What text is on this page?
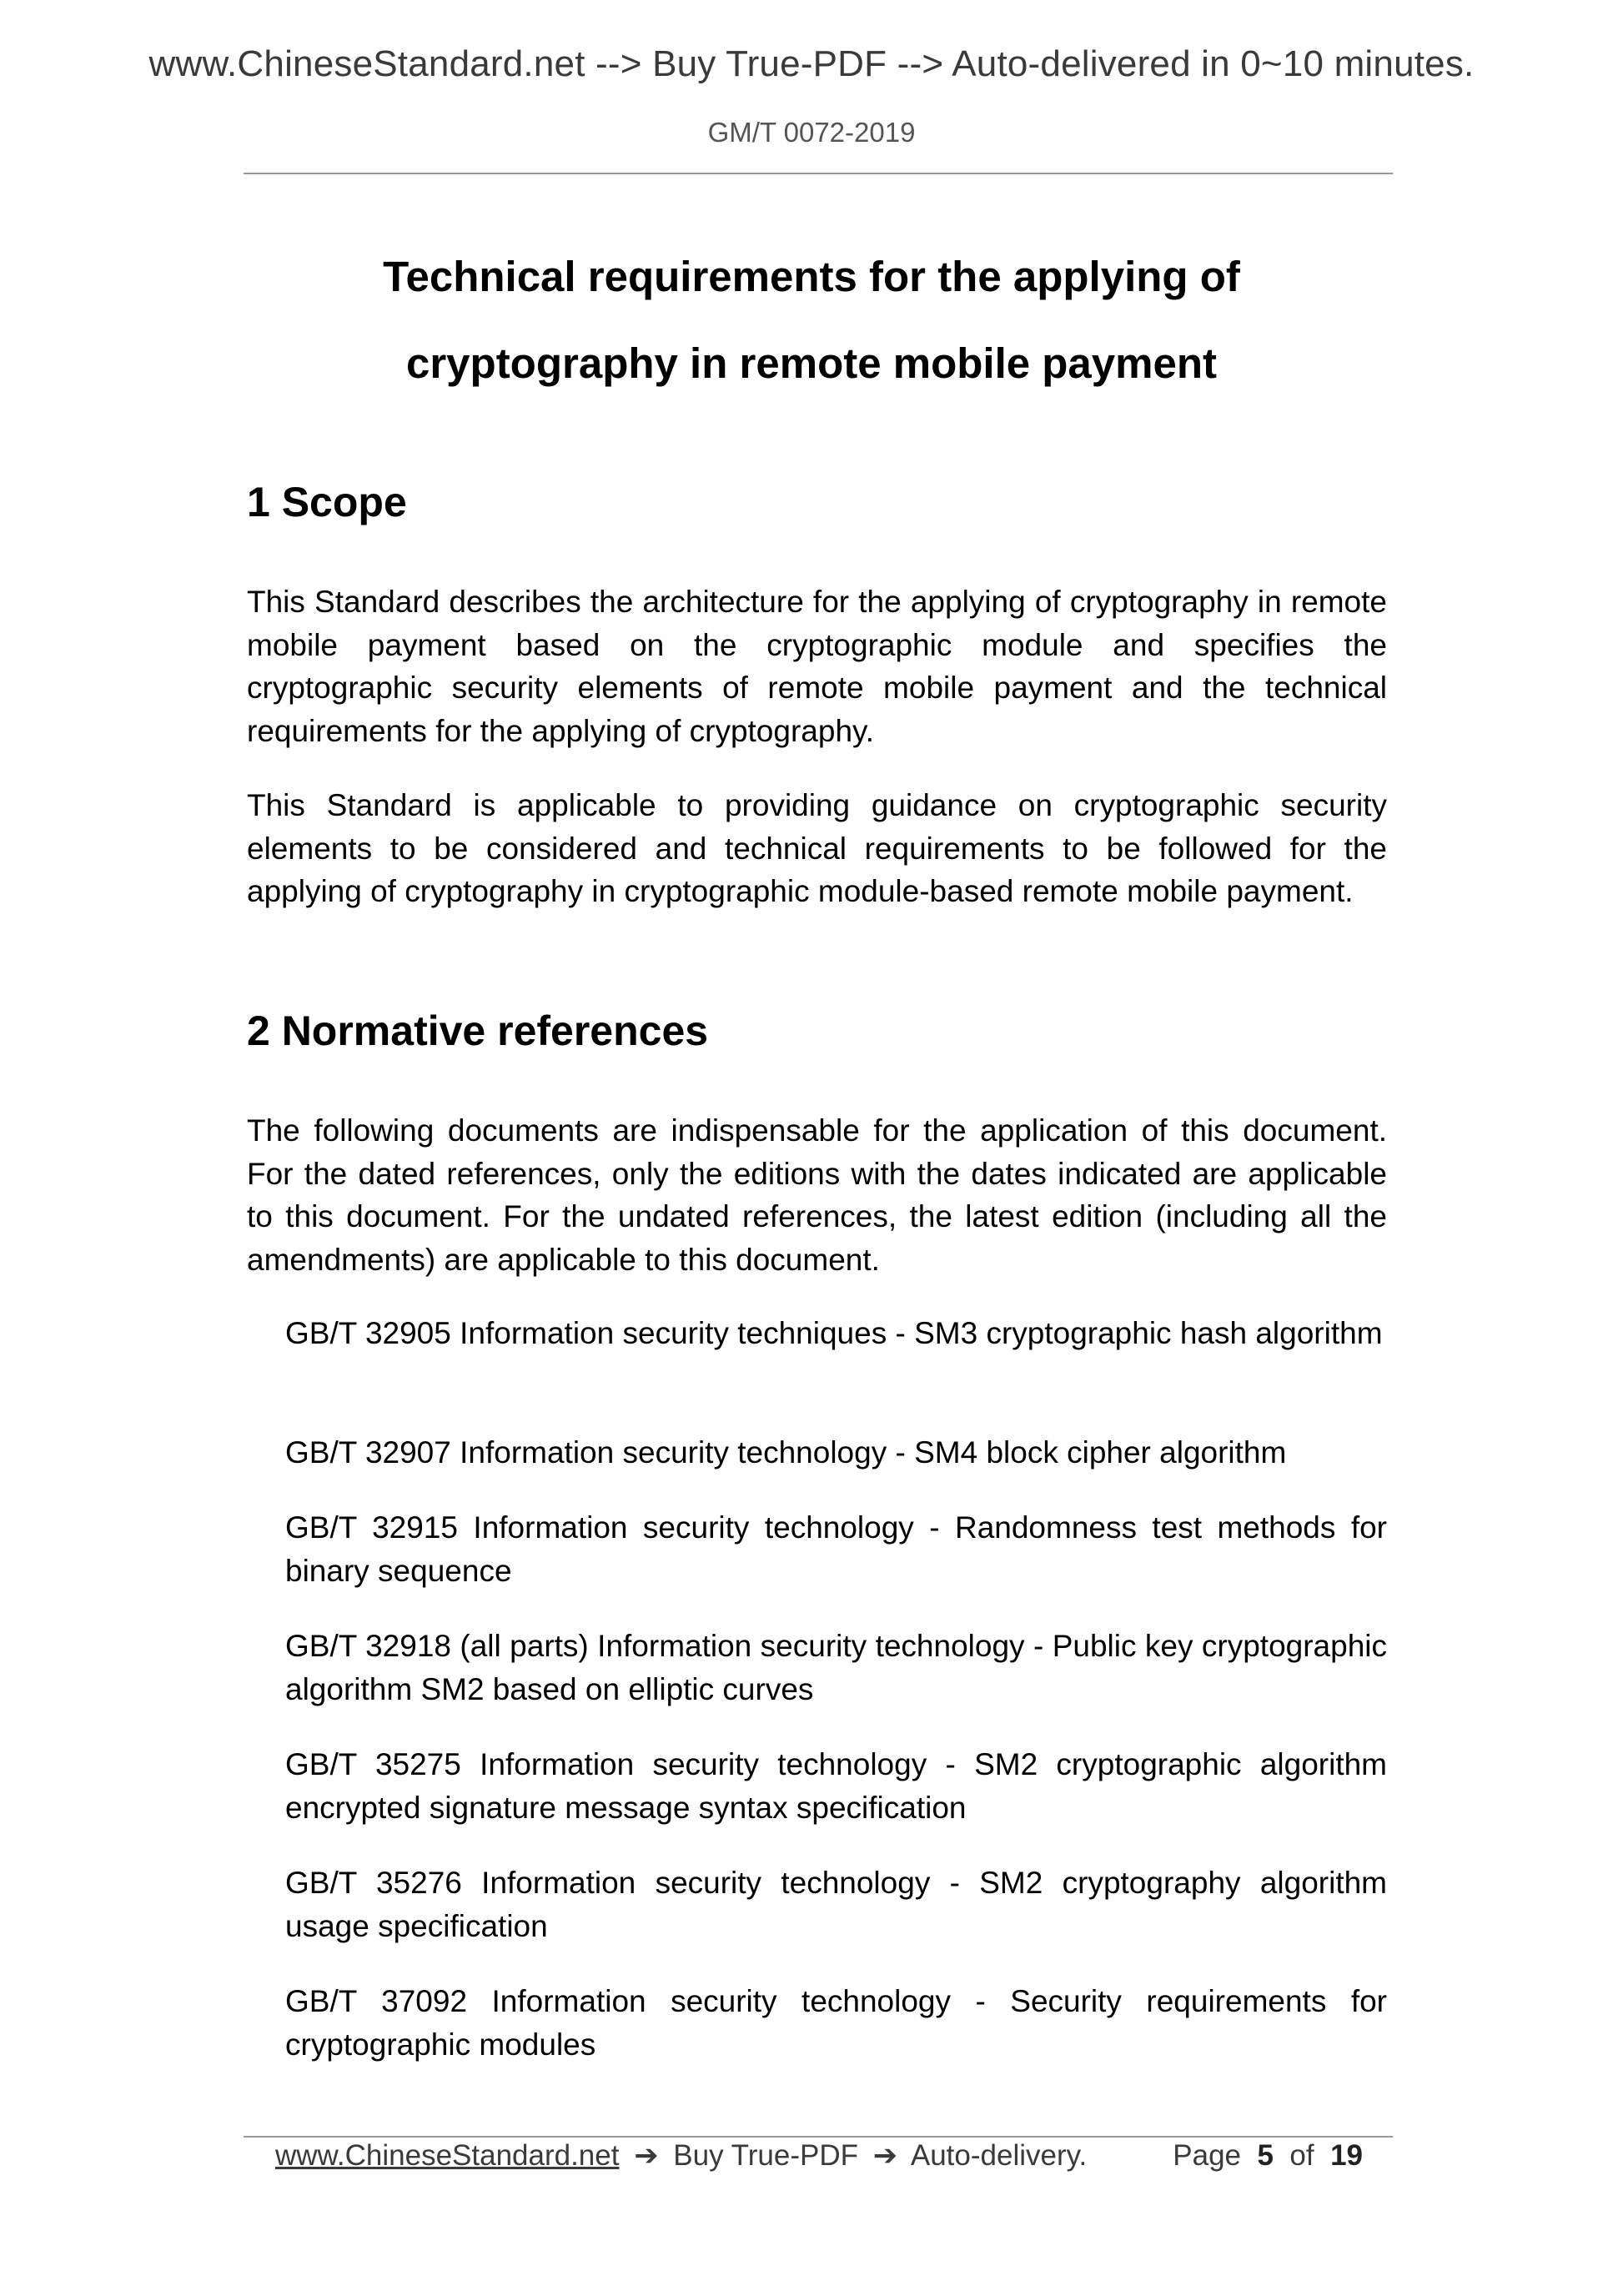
www.ChineseStandard.net --> Buy True-PDF --> Auto-delivered in 0~10 minutes.
GM/T 0072-2019
Technical requirements for the applying of
cryptography in remote mobile payment
1 Scope

This Standard describes the architecture for the applying of cryptography in remote mobile payment based on the cryptographic module and specifies the cryptographic security elements of remote mobile payment and the technical requirements for the applying of cryptography.

This Standard is applicable to providing guidance on cryptographic security elements to be considered and technical requirements to be followed for the applying of cryptography in cryptographic module-based remote mobile payment.

2 Normative references

The following documents are indispensable for the application of this document. For the dated references, only the editions with the dates indicated are applicable to this document. For the undated references, the latest edition (including all the amendments) are applicable to this document.

GB/T 32905 Information security techniques - SM3 cryptographic hash algorithm

GB/T 32907 Information security technology - SM4 block cipher algorithm

GB/T 32915 Information security technology - Randomness test methods for binary sequence

GB/T 32918 (all parts) Information security technology - Public key cryptographic algorithm SM2 based on elliptic curves

GB/T 35275 Information security technology - SM2 cryptographic algorithm encrypted signature message syntax specification

GB/T 35276 Information security technology - SM2 cryptography algorithm usage specification

GB/T 37092 Information security technology - Security requirements for cryptographic modules

www.ChineseStandard.net ➔ Buy True-PDF ➔ Auto-delivery.	Page 5 of 19
